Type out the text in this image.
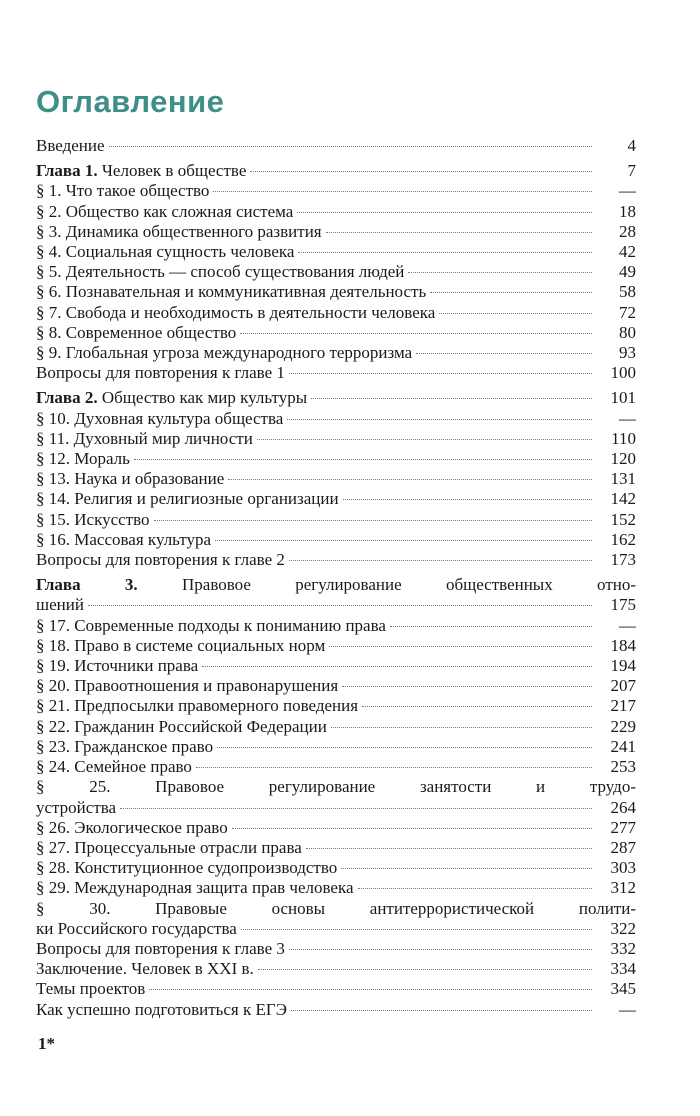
Оглавление
Введение	4
Глава 1. Человек в обществе	7
§ 1. Что такое общество	—
§ 2. Общество как сложная система	18
§ 3. Динамика общественного развития	28
§ 4. Социальная сущность человека	42
§ 5. Деятельность — способ существования людей	49
§ 6. Познавательная и коммуникативная деятельность	58
§ 7. Свобода и необходимость в деятельности человека	72
§ 8. Современное общество	80
§ 9. Глобальная угроза международного терроризма	93
Вопросы для повторения к главе 1	100
Глава 2. Общество как мир культуры	101
§ 10. Духовная культура общества	—
§ 11. Духовный мир личности	110
§ 12. Мораль	120
§ 13. Наука и образование	131
§ 14. Религия и религиозные организации	142
§ 15. Искусство	152
§ 16. Массовая культура	162
Вопросы для повторения к главе 2	173
Глава 3.	Правовое регулирование общественных отно-
шений	175
§ 17. Современные подходы к пониманию права	—
§ 18. Право в системе социальных норм	184
§ 19. Источники права	194
§ 20. Правоотношения и правонарушения	207
§ 21. Предпосылки правомерного поведения	217
§ 22. Гражданин Российской Федерации	229
§ 23. Гражданское право	241
§ 24. Семейное право	253
§ 25. Правовое регулирование занятости и трудо-
устройства	264
§ 26. Экологическое право	277
§ 27. Процессуальные отрасли права	287
§ 28. Конституционное судопроизводство	303
§ 29. Международная защита прав человека	312
§ 30. Правовые основы антитеррористической полити-
ки Российского государства	322
Вопросы для повторения к главе 3	332
Заключение. Человек в XXI в.	334
Темы проектов	345
Как успешно подготовиться к ЕГЭ	—
1*
